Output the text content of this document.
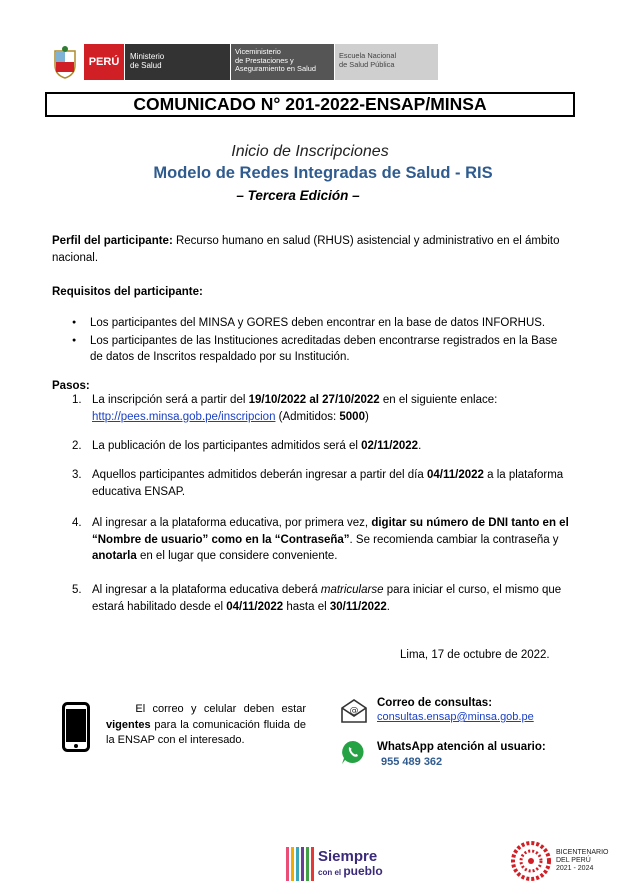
PERÚ	Ministerio
de Salud
Viceministerio
de Prestaciones y
Aseguramiento en Salud
Escuela Nacional
de Salud Pública
COMUNICADO N° 201-2022-ENSAP/MINSA
Inicio de Inscripciones
Modelo de Redes Integradas de Salud - RIS
– Tercera Edición –
Perfil del participante: Recurso humano en salud (RHUS) asistencial y administrativo en el ámbito nacional.
Requisitos del participante:
● Los participantes del MINSA y GORES deben encontrar en la base de datos INFORHUS.
● Los participantes de las Instituciones acreditadas deben encontrarse registrados en la Base de datos de Inscritos respaldado por su Institución.
Pasos:
1. La inscripción será a partir del 19/10/2022 al 27/10/2022 en el siguiente enlace:
http://pees.minsa.gob.pe/inscripcion (Admitidos: 5000)
2. La publicación de los participantes admitidos será el 02/11/2022.
3. Aquellos participantes admitidos deberán ingresar a partir del día 04/11/2022 a la plataforma educativa ENSAP.
4. Al ingresar a la plataforma educativa, por primera vez, digitar su número de DNI tanto en el “Nombre de usuario” como en la “Contraseña”. Se recomienda cambiar la contraseña y anotarla en el lugar que considere conveniente.
5. Al ingresar a la plataforma educativa deberá matricularse para iniciar el curso, el mismo que estará habilitado desde el 04/11/2022 hasta el 30/11/2022.
Lima, 17 de octubre de 2022.
El correo y celular deben estar vigentes para la comunicación fluida de la ENSAP con el interesado.
@
Correo de consultas:
consultas.ensap@minsa.gob.pe
WhatsApp atención al usuario:
955 489 362
Siempre
con el pueblo
BICENTENARIO
DEL PERÚ
2021 - 2024
